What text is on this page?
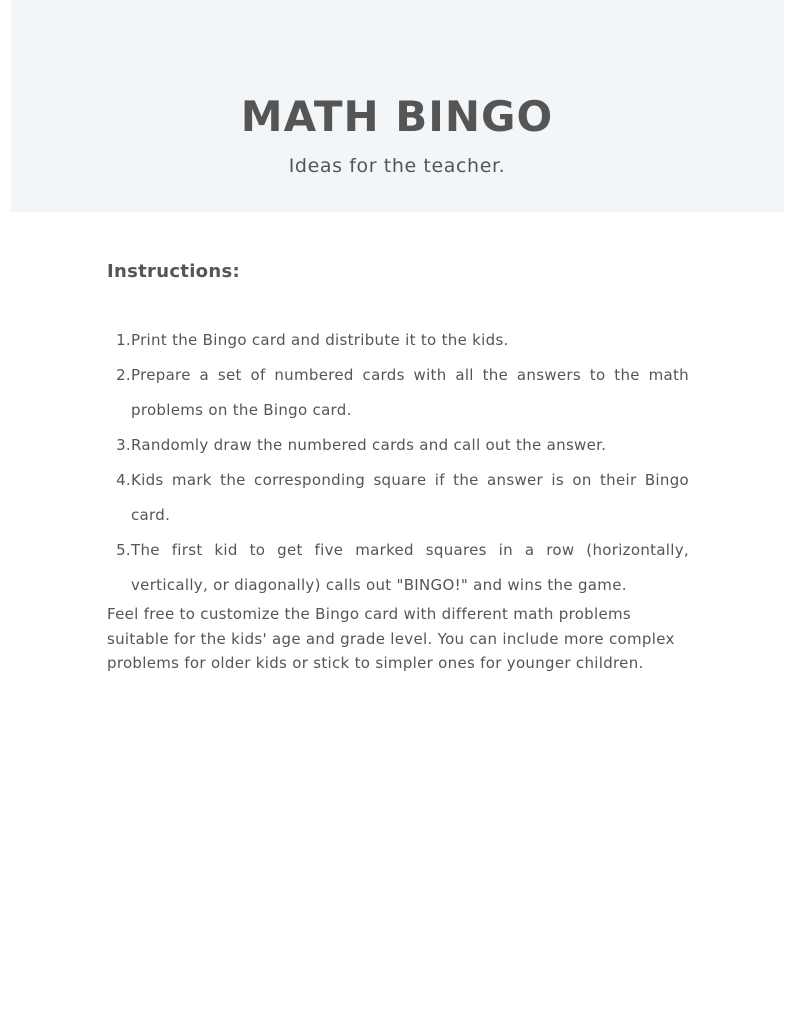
MATH BINGO

Ideas for the teacher.

Instructions:
1. Print the Bingo card and distribute it to the kids.
2. Prepare a set of numbered cards with all the answers to the math problems on the Bingo card.
3. Randomly draw the numbered cards and call out the answer.
4. Kids mark the corresponding square if the answer is on their Bingo card.
5. The first kid to get five marked squares in a row (horizontally, vertically, or diagonally) calls out "BINGO!" and wins the game.

Feel free to customize the Bingo card with different math problems suitable for the kids' age and grade level. You can include more complex problems for older kids or stick to simpler ones for younger children.
